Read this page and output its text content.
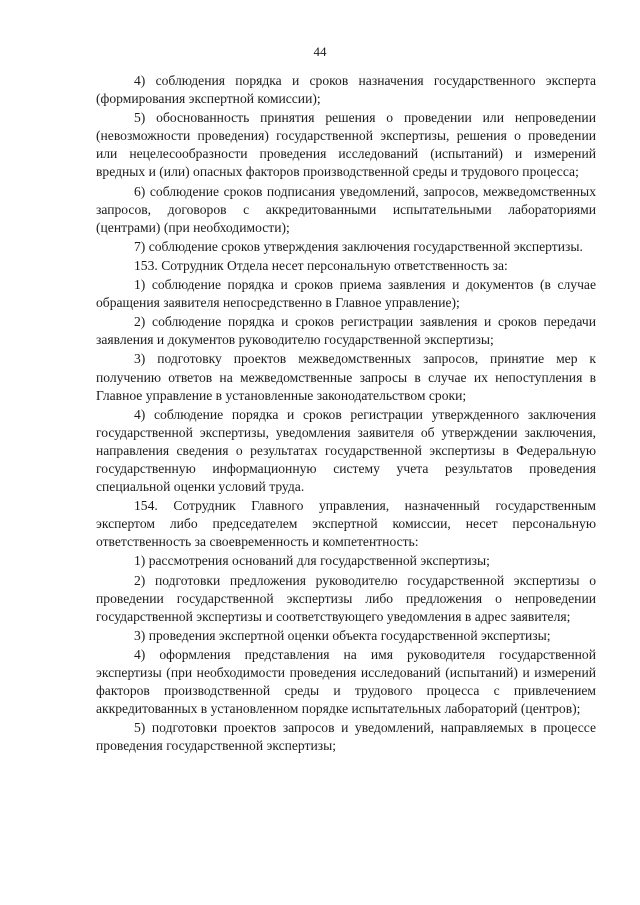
44

4) соблюдения порядка и сроков назначения государственного эксперта (формирования экспертной комиссии);

5) обоснованность принятия решения о проведении или непроведении (невозможности проведения) государственной экспертизы, решения о проведении или нецелесообразности проведения исследований (испытаний) и измерений вредных и (или) опасных факторов производственной среды и трудового процесса;

6) соблюдение сроков подписания уведомлений, запросов, межведомственных запросов, договоров с аккредитованными испытательными лабораториями (центрами) (при необходимости);

7) соблюдение сроков утверждения заключения государственной экспертизы.

153. Сотрудник Отдела несет персональную ответственность за:

1) соблюдение порядка и сроков приема заявления и документов (в случае обращения заявителя непосредственно в Главное управление);

2) соблюдение порядка и сроков регистрации заявления и сроков передачи заявления и документов руководителю государственной экспертизы;

3) подготовку проектов межведомственных запросов, принятие мер к получению ответов на межведомственные запросы в случае их непоступления в Главное управление в установленные законодательством сроки;

4) соблюдение порядка и сроков регистрации утвержденного заключения государственной экспертизы, уведомления заявителя об утверждении заключения, направления сведения о результатах государственной экспертизы в Федеральную государственную информационную систему учета результатов проведения специальной оценки условий труда.

154. Сотрудник Главного управления, назначенный государственным экспертом либо председателем экспертной комиссии, несет персональную ответственность за своевременность и компетентность:

1) рассмотрения оснований для государственной экспертизы;

2) подготовки предложения руководителю государственной экспертизы о проведении государственной экспертизы либо предложения о непроведении государственной экспертизы и соответствующего уведомления в адрес заявителя;

3) проведения экспертной оценки объекта государственной экспертизы;

4) оформления представления на имя руководителя государственной экспертизы (при необходимости проведения исследований (испытаний) и измерений факторов производственной среды и трудового процесса с привлечением аккредитованных в установленном порядке испытательных лабораторий (центров);

5) подготовки проектов запросов и уведомлений, направляемых в процессе проведения государственной экспертизы;
